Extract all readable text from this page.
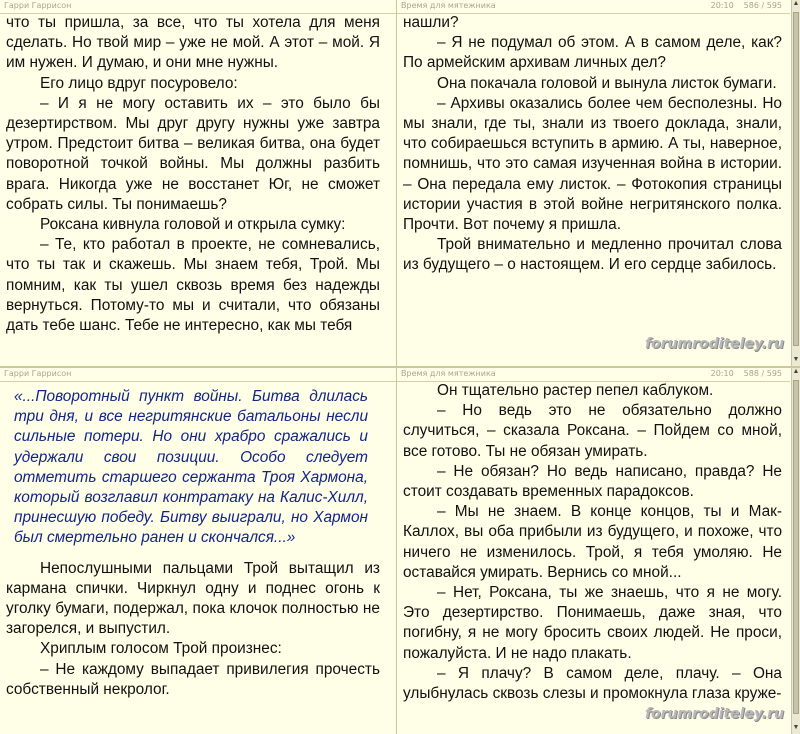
Гарри Гаррисон

что ты пришла, за все, что ты хотела для меня сделать. Но твой мир – уже не мой. А этот – мой. Я им нужен. И думаю, и они мне нужны.

Его лицо вдруг посуровело:

– И я не могу оставить их – это было бы дезертирством. Мы друг другу нужны уже завтра утром. Предстоит битва – великая битва, она будет поворотной точкой войны. Мы должны разбить врага. Никогда уже не восстанет Юг, не сможет собрать силы. Ты понимаешь?

Роксана кивнула головой и открыла сумку:

– Те, кто работал в проекте, не сомневались, что ты так и скажешь. Мы знаем тебя, Трой. Мы помним, как ты ушел сквозь время без надежды вернуться. Потому-то мы и считали, что обязаны дать тебе шанс. Тебе не интересно, как мы тебя

Время для мятежника	20:10 586 / 595

нашли?

– Я не подумал об этом. А в самом деле, как? По армейским архивам личных дел?

Она покачала головой и вынула листок бумаги.

– Архивы оказались более чем бесполезны. Но мы знали, где ты, знали из твоего доклада, знали, что собираешься вступить в армию. А ты, наверное, помнишь, что это самая изученная война в истории. – Она передала ему листок. – Фотокопия страницы истории участия в этой войне негритянского полка. Прочти. Вот почему я пришла.

Трой внимательно и медленно прочитал слова из будущего – о настоящем. И его сердце забилось.

forumroditeley.ru
▲
▼
Гарри Гаррисон

«...Поворотный пункт войны. Битва длилась три дня, и все негритянские батальоны несли сильные потери. Но они храбро сражались и удержали свои позиции. Особо следует отметить старшего сержанта Троя Хармона, который возглавил контратаку на Калис-Хилл, принесшую победу. Битву выиграли, но Хармон был смертельно ранен и скончался...»

Непослушными пальцами Трой вытащил из кармана спички. Чиркнул одну и поднес огонь к уголку бумаги, подержал, пока клочок полностью не загорелся, и выпустил.

Хриплым голосом Трой произнес:

– Не каждому выпадает привилегия прочесть собственный некролог.

Время для мятежника	20:10 588 / 595

Он тщательно растер пепел каблуком.

– Но ведь это не обязательно должно случиться, – сказала Роксана. – Пойдем со мной, все готово. Ты не обязан умирать.

– Не обязан? Но ведь написано, правда? Не стоит создавать временных парадоксов.

– Мы не знаем. В конце концов, ты и Мак-Каллох, вы оба прибыли из будущего, и похоже, что ничего не изменилось. Трой, я тебя умоляю. Не оставайся умирать. Вернись со мной...

– Нет, Роксана, ты же знаешь, что я не могу. Это дезертирство. Понимаешь, даже зная, что погибну, я не могу бросить своих людей. Не проси, пожалуйста. И не надо плакать.

– Я плачу? В самом деле, плачу. – Она улыбнулась сквозь слезы и промокнула глаза круже-

forumroditeley.ru
▲
▼
